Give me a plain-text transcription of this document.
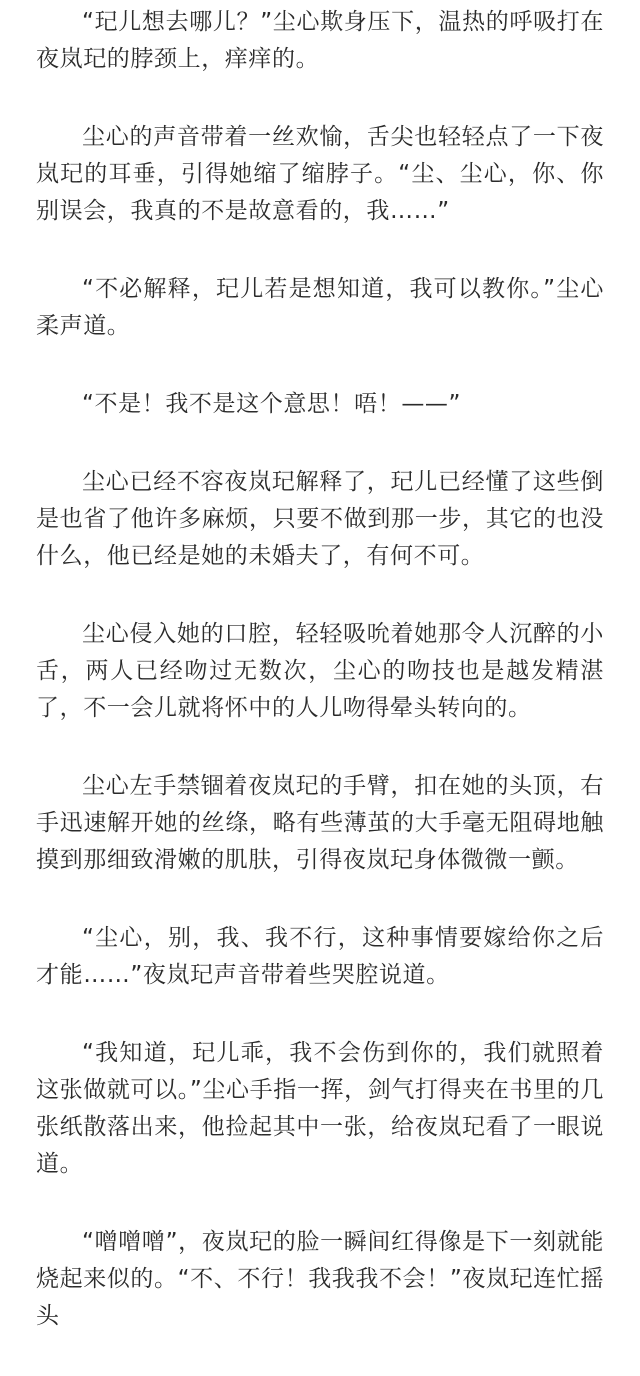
“玘儿想去哪儿？”尘心欺身压下，温热的呼吸打在夜岚玘的脖颈上，痒痒的。

尘心的声音带着一丝欢愉，舌尖也轻轻点了一下夜岚玘的耳垂，引得她缩了缩脖子。“尘、尘心，你、你别误会，我真的不是故意看的，我……”

“不必解释，玘儿若是想知道，我可以教你。”尘心柔声道。

“不是！我不是这个意思！唔！——”

尘心已经不容夜岚玘解释了，玘儿已经懂了这些倒是也省了他许多麻烦，只要不做到那一步，其它的也没什么，他已经是她的未婚夫了，有何不可。

尘心侵入她的口腔，轻轻吸吮着她那令人沉醉的小舌，两人已经吻过无数次，尘心的吻技也是越发精湛了，不一会儿就将怀中的人儿吻得晕头转向的。

尘心左手禁锢着夜岚玘的手臂，扣在她的头顶，右手迅速解开她的丝绦，略有些薄茧的大手毫无阻碍地触摸到那细致滑嫩的肌肤，引得夜岚玘身体微微一颤。

“尘心，别，我、我不行，这种事情要嫁给你之后才能……”夜岚玘声音带着些哭腔说道。

“我知道，玘儿乖，我不会伤到你的，我们就照着这张做就可以。”尘心手指一挥，剑气打得夹在书里的几张纸散落出来，他捡起其中一张，给夜岚玘看了一眼说道。

“噌噌噌”，夜岚玘的脸一瞬间红得像是下一刻就能烧起来似的。“不、不行！我我我不会！”夜岚玘连忙摇头
